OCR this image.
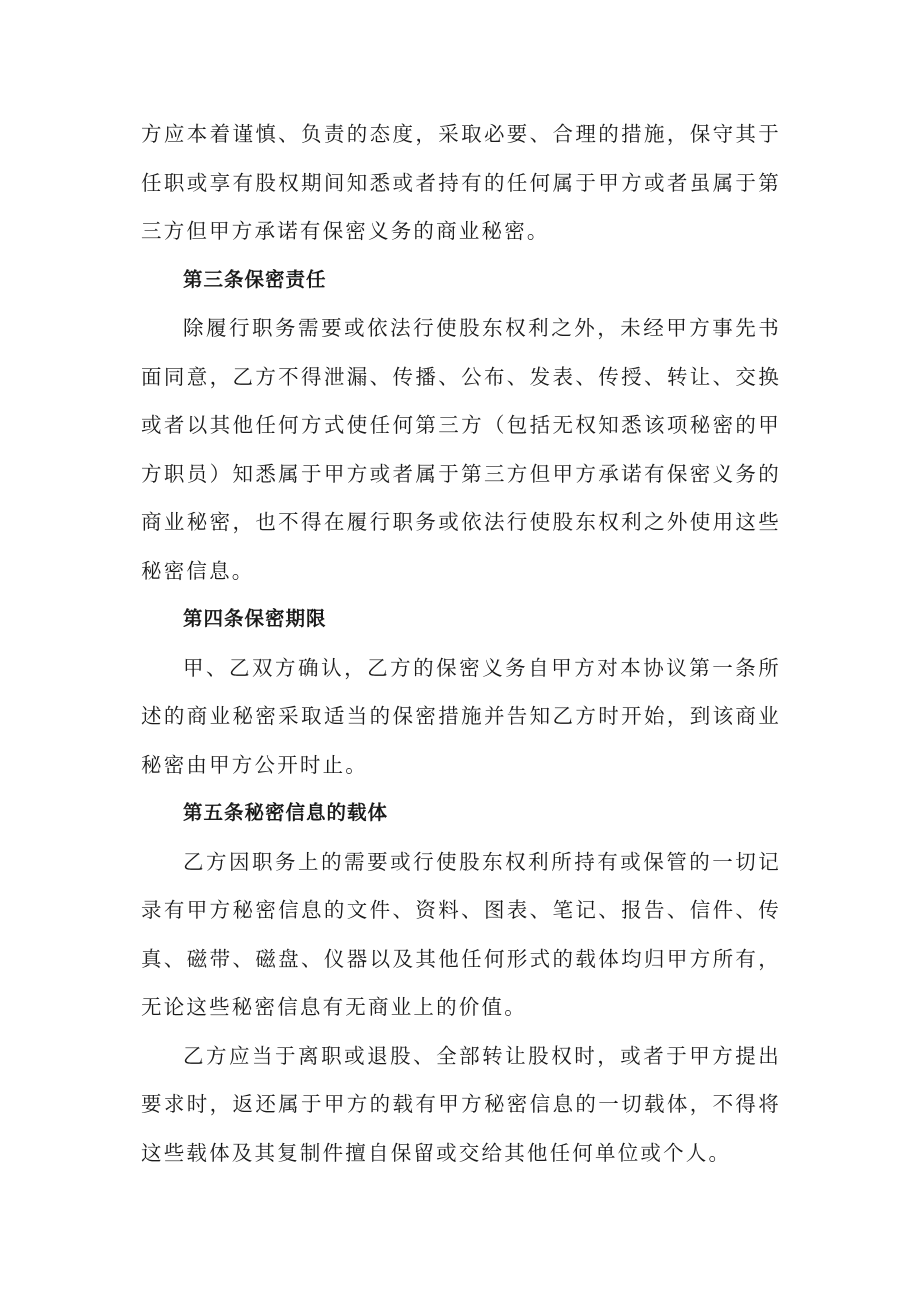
方应本着谨慎、负责的态度，采取必要、合理的措施，保守其于任职或享有股权期间知悉或者持有的任何属于甲方或者虽属于第三方但甲方承诺有保密义务的商业秘密。

第三条保密责任

除履行职务需要或依法行使股东权利之外，未经甲方事先书面同意，乙方不得泄漏、传播、公布、发表、传授、转让、交换或者以其他任何方式使任何第三方（包括无权知悉该项秘密的甲方职员）知悉属于甲方或者属于第三方但甲方承诺有保密义务的商业秘密，也不得在履行职务或依法行使股东权利之外使用这些秘密信息。

第四条保密期限

甲、乙双方确认，乙方的保密义务自甲方对本协议第一条所述的商业秘密采取适当的保密措施并告知乙方时开始，到该商业秘密由甲方公开时止。

第五条秘密信息的载体

乙方因职务上的需要或行使股东权利所持有或保管的一切记录有甲方秘密信息的文件、资料、图表、笔记、报告、信件、传真、磁带、磁盘、仪器以及其他任何形式的载体均归甲方所有，无论这些秘密信息有无商业上的价值。

乙方应当于离职或退股、全部转让股权时，或者于甲方提出要求时，返还属于甲方的载有甲方秘密信息的一切载体，不得将这些载体及其复制件擅自保留或交给其他任何单位或个人。
